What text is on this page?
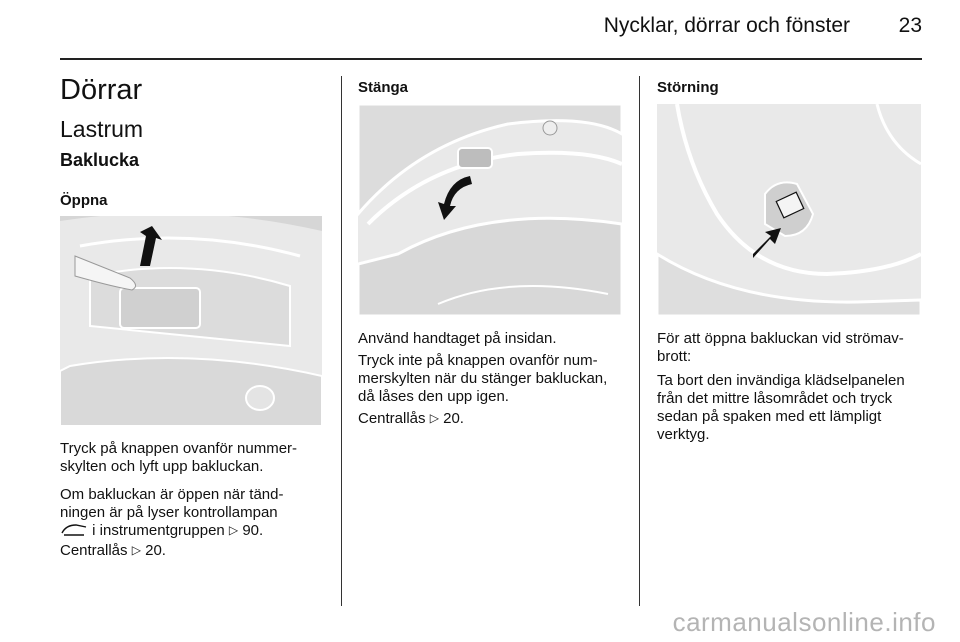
Nycklar, dörrar och fönster	23
Dörrar
Lastrum
Baklucka
Öppna

Tryck på knappen ovanför nummer-skylten och lyft upp bakluckan.

Om bakluckan är öppen när tänd-ningen är på lyser kontrollampan
i instrumentgruppen ▷ 90.

Centrallås ▷ 20.

Stänga

Använd handtaget på insidan.

Tryck inte på knappen ovanför num-merskylten när du stänger bakluckan, då låses den upp igen.

Centrallås ▷ 20.

Störning

För att öppna bakluckan vid strömav-brott:

Ta bort den invändiga klädselpanelen från det mittre låsområdet och tryck sedan på spaken med ett lämpligt verktyg.

carmanualsonline.info
